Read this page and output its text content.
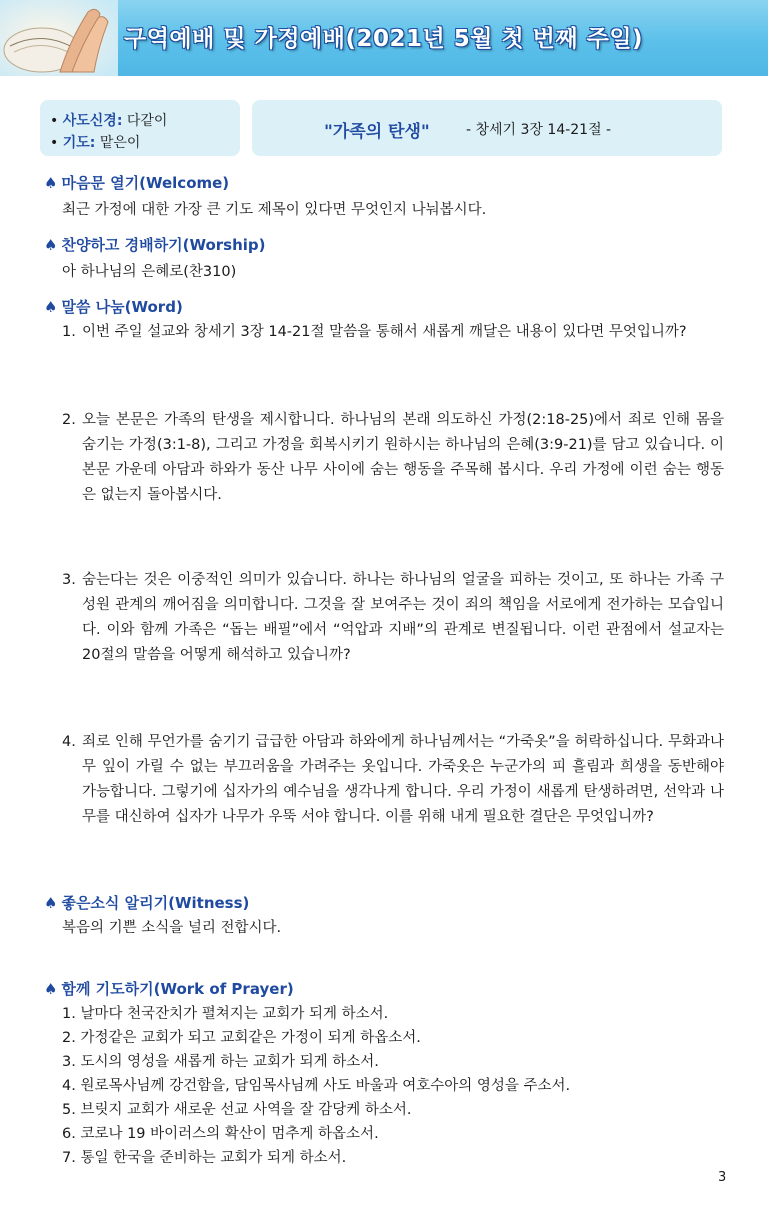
구역예배 및 가정예배(2021년 5월 첫 번째 주일)
• 사도신경: 다같이
• 기도: 맡은이
"가족의 탄생"	- 창세기 3장 14-21절 -
♠ 마음문 열기(Welcome)
최근 가정에 대한 가장 큰 기도 제목이 있다면 무엇인지 나눠봅시다.
♠ 찬양하고 경배하기(Worship)
아 하나님의 은혜로(찬310)
♠ 말씀 나눔(Word)
1. 이번 주일 설교와 창세기 3장 14-21절 말씀을 통해서 새롭게 깨달은 내용이 있다면 무엇입니까?
2. 오늘 본문은 가족의 탄생을 제시합니다. 하나님의 본래 의도하신 가정(2:18-25)에서 죄로 인해 몸을 숨기는 가정(3:1-8), 그리고 가정을 회복시키기 원하시는 하나님의 은혜(3:9-21)를 담고 있습니다. 이 본문 가운데 아담과 하와가 동산 나무 사이에 숨는 행동을 주목해 봅시다. 우리 가정에 이런 숨는 행동은 없는지 돌아봅시다.
3. 숨는다는 것은 이중적인 의미가 있습니다. 하나는 하나님의 얼굴을 피하는 것이고, 또 하나는 가족 구성원 관계의 깨어짐을 의미합니다. 그것을 잘 보여주는 것이 죄의 책임을 서로에게 전가하는 모습입니다. 이와 함께 가족은 “돕는 배필”에서 “억압과 지배”의 관계로 변질됩니다. 이런 관점에서 설교자는 20절의 말씀을 어떻게 해석하고 있습니까?
4. 죄로 인해 무언가를 숨기기 급급한 아담과 하와에게 하나님께서는 “가죽옷”을 허락하십니다. 무화과나무 잎이 가릴 수 없는 부끄러움을 가려주는 옷입니다. 가죽옷은 누군가의 피 흘림과 희생을 동반해야 가능합니다. 그렇기에 십자가의 예수님을 생각나게 합니다. 우리 가정이 새롭게 탄생하려면, 선악과 나무를 대신하여 십자가 나무가 우뚝 서야 합니다. 이를 위해 내게 필요한 결단은 무엇입니까?
♠ 좋은소식 알리기(Witness)
복음의 기쁜 소식을 널리 전합시다.
♠ 함께 기도하기(Work of Prayer)
1. 날마다 천국잔치가 펼쳐지는 교회가 되게 하소서.
2. 가정같은 교회가 되고 교회같은 가정이 되게 하옵소서.
3. 도시의 영성을 새롭게 하는 교회가 되게 하소서.
4. 원로목사님께 강건함을, 담임목사님께 사도 바울과 여호수아의 영성을 주소서.
5. 브릿지 교회가 새로운 선교 사역을 잘 감당케 하소서.
6. 코로나 19 바이러스의 확산이 멈추게 하옵소서.
7. 통일 한국을 준비하는 교회가 되게 하소서.
3
